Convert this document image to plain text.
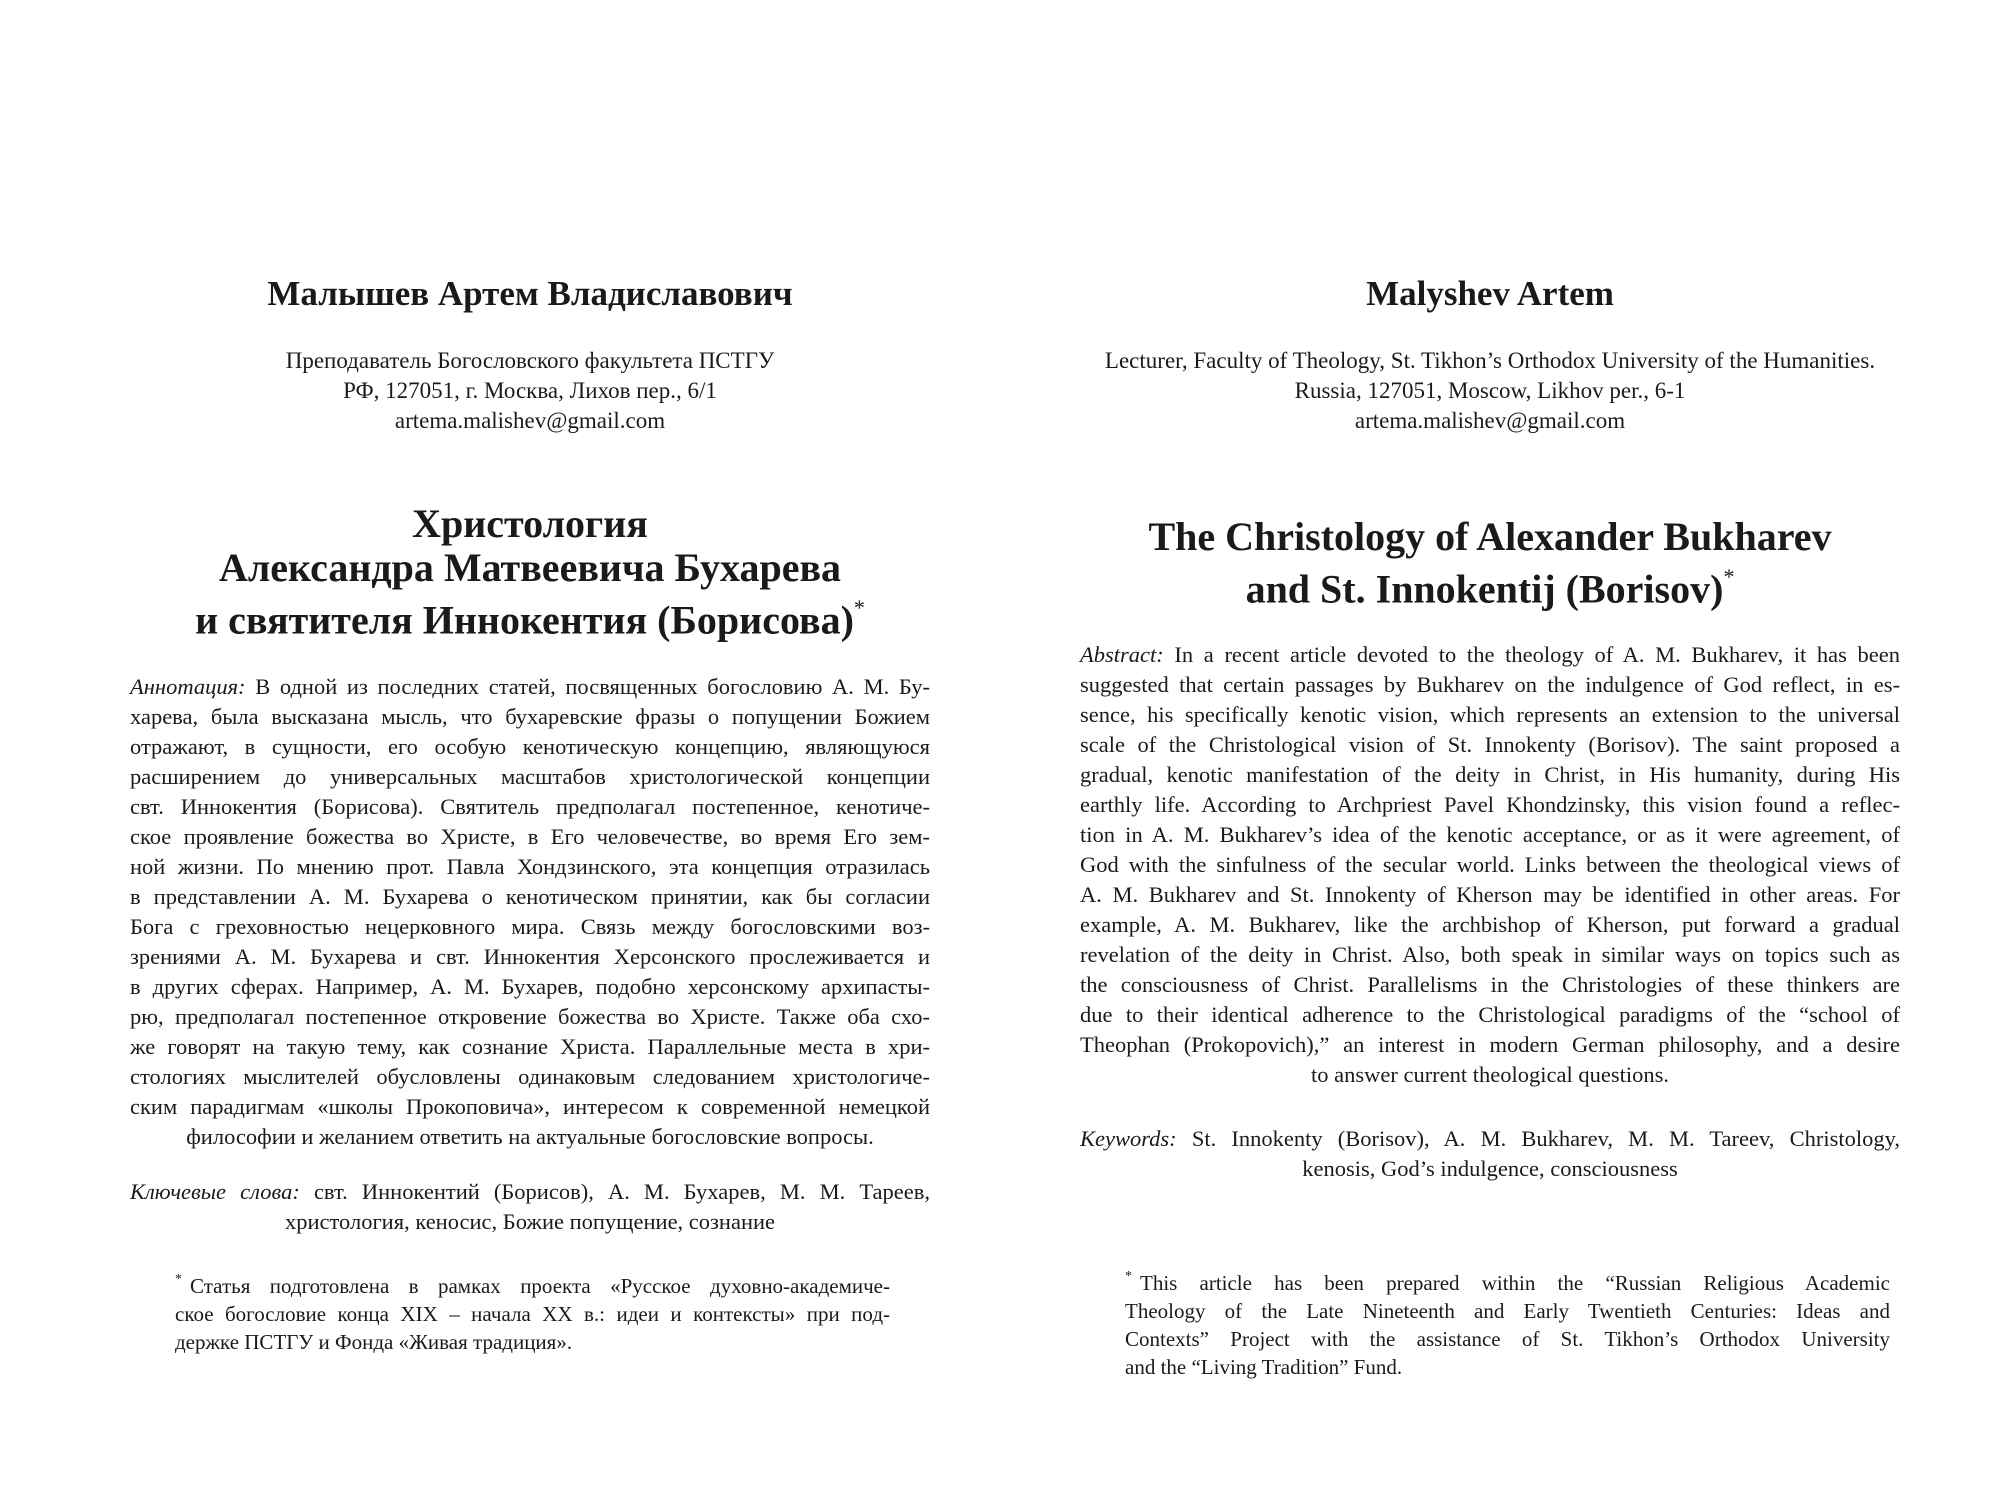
Малышев Артем Владиславович
Преподаватель Богословского факультета ПСТГУ
РФ, 127051, г. Москва, Лихов пер., 6/1
artema.malishev@gmail.com
Христология
Александра Матвеевича Бухарева
и святителя Иннокентия (Борисова)*
Аннотация: В одной из последних статей, посвященных богословию А. М. Бу-
харева, была высказана мысль, что бухаревские фразы о попущении Божием
отражают, в сущности, его особую кенотическую концепцию, являющуюся
расширением до универсальных масштабов христологической концепции
свт. Иннокентия (Борисова). Святитель предполагал постепенное, кенотиче-
ское проявление божества во Христе, в Его человечестве, во время Его зем-
ной жизни. По мнению прот. Павла Хондзинского, эта концепция отразилась
в представлении А. М. Бухарева о кенотическом принятии, как бы согласии
Бога с греховностью нецерковного мира. Связь между богословскими воз-
зрениями А. М. Бухарева и свт. Иннокентия Херсонского прослеживается и
в других сферах. Например, А. М. Бухарев, подобно херсонскому архипасты-
рю, предполагал постепенное откровение божества во Христе. Также оба схо-
же говорят на такую тему, как сознание Христа. Параллельные места в хри-
стологиях мыслителей обусловлены одинаковым следованием христологиче-
ским парадигмам «школы Прокоповича», интересом к современной немецкой
философии и желанием ответить на актуальные богословские вопросы.
Ключевые слова: свт. Иннокентий (Борисов), А. М. Бухарев, М. М. Тареев,
христология, кеносис, Божие попущение, сознание
* Статья подготовлена в рамках проекта «Русское духовно-академиче-
ское богословие конца XIX – начала XX в.: идеи и контексты» при под-
держке ПСТГУ и Фонда «Живая традиция».
Malyshev Artem
Lecturer, Faculty of Theology, St. Tikhon’s Orthodox University of the Humanities.
Russia, 127051, Moscow, Likhov per., 6-1
artema.malishev@gmail.com
The Christology of Alexander Bukharev
and St. Innokentij (Borisov)*
Abstract: In a recent article devoted to the theology of A. M. Bukharev, it has been
suggested that certain passages by Bukharev on the indulgence of God reflect, in es-
sence, his specifically kenotic vision, which represents an extension to the universal
scale of the Christological vision of St. Innokenty (Borisov). The saint proposed a
gradual, kenotic manifestation of the deity in Christ, in His humanity, during His
earthly life. According to Archpriest Pavel Khondzinsky, this vision found a reflec-
tion in A. M. Bukharev’s idea of the kenotic acceptance, or as it were agreement, of
God with the sinfulness of the secular world. Links between the theological views of
A. M. Bukharev and St. Innokenty of Kherson may be identified in other areas. For
example, A. M. Bukharev, like the archbishop of Kherson, put forward a gradual
revelation of the deity in Christ. Also, both speak in similar ways on topics such as
the consciousness of Christ. Parallelisms in the Christologies of these thinkers are
due to their identical adherence to the Christological paradigms of the “school of
Theophan (Prokopovich),” an interest in modern German philosophy, and a desire
to answer current theological questions.
Keywords: St. Innokenty (Borisov), A. M. Bukharev, M. M. Tareev, Christology,
kenosis, God’s indulgence, consciousness
* This article has been prepared within the “Russian Religious Academic
Theology of the Late Nineteenth and Early Twentieth Centuries: Ideas and
Contexts” Project with the assistance of St. Tikhon’s Orthodox University
and the “Living Tradition” Fund.
